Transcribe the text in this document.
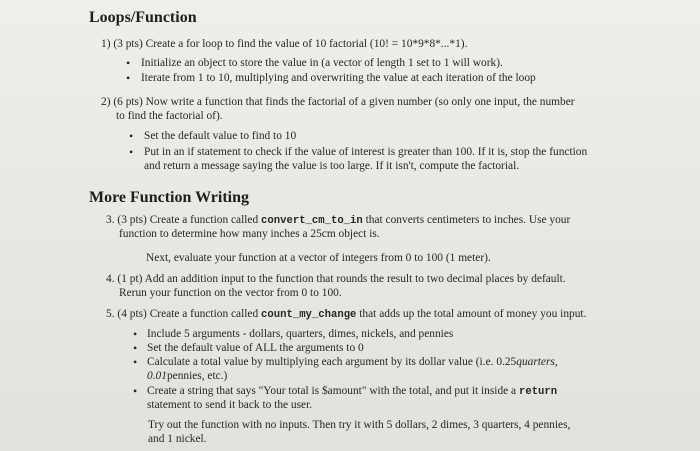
Loops/Function
1) (3 pts) Create a for loop to find the value of 10 factorial (10! = 10*9*8*...*1).
• Initialize an object to store the value in (a vector of length 1 set to 1 will work).
• Iterate from 1 to 10, multiplying and overwriting the value at each iteration of the loop
2) (6 pts) Now write a function that finds the factorial of a given number (so only one input, the number
to find the factorial of).
• Set the default value to find to 10
• Put in an if statement to check if the value of interest is greater than 100. If it is, stop the function
and return a message saying the value is too large. If it isn't, compute the factorial.
More Function Writing
3. (3 pts) Create a function called convert_cm_to_in that converts centimeters to inches. Use your
function to determine how many inches a 25cm object is.
Next, evaluate your function at a vector of integers from 0 to 100 (1 meter).
4. (1 pt) Add an addition input to the function that rounds the result to two decimal places by default.
Rerun your function on the vector from 0 to 100.
5. (4 pts) Create a function called count_my_change that adds up the total amount of money you input.
• Include 5 arguments - dollars, quarters, dimes, nickels, and pennies
• Set the default value of ALL the arguments to 0
• Calculate a total value by multiplying each argument by its dollar value (i.e. 0.25quarters,
0.01pennies, etc.)
• Create a string that says "Your total is $amount" with the total, and put it inside a return
statement to send it back to the user.
Try out the function with no inputs. Then try it with 5 dollars, 2 dimes, 3 quarters, 4 pennies,
and 1 nickel.
